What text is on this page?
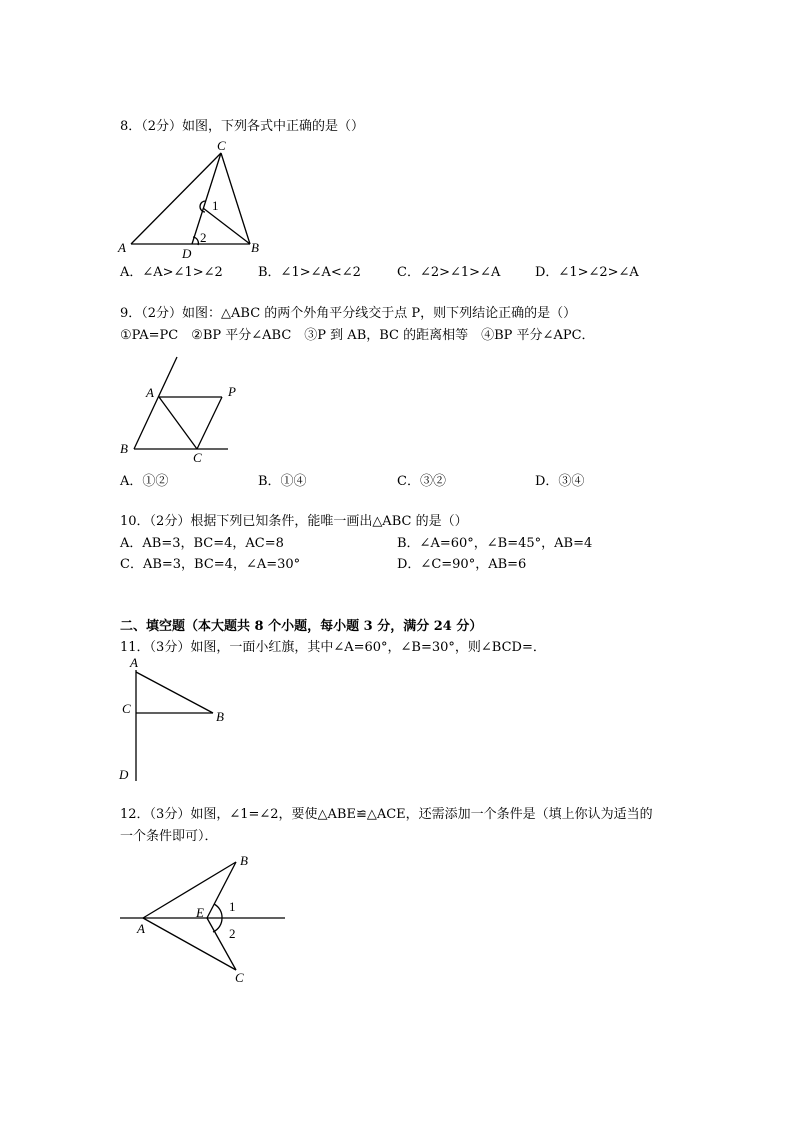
8．（2分）如图，下列各式中正确的是（）
C
1
2
A	D	B
A．∠A>∠1>∠2	B．∠1>∠A<∠2	C．∠2>∠1>∠A	D．∠1>∠2>∠A
9．（2分）如图：△ABC 的两个外角平分线交于点 P，则下列结论正确的是（）
①PA=PC　②BP 平分∠ABC　③P 到 AB，BC 的距离相等　④BP 平分∠APC．
A	P
B
C
A．①②	B．①④	C．③②	D．③④
10．（2分）根据下列已知条件，能唯一画出△ABC 的是（）
A．AB=3，BC=4，AC=8	B．∠A=60°，∠B=45°，AB=4
C．AB=3，BC=4，∠A=30°	D．∠C=90°，AB=6
二、填空题（本大题共 8 个小题，每小题 3 分，满分 24 分）
11．（3分）如图，一面小红旗，其中∠A=60°，∠B=30°，则∠BCD=．
A
C
B
D
12．（3分）如图，∠1=∠2，要使△ABE≌△ACE，还需添加一个条件是（填上你认为适当的
一个条件即可）．
B
1
E
A	2
C
